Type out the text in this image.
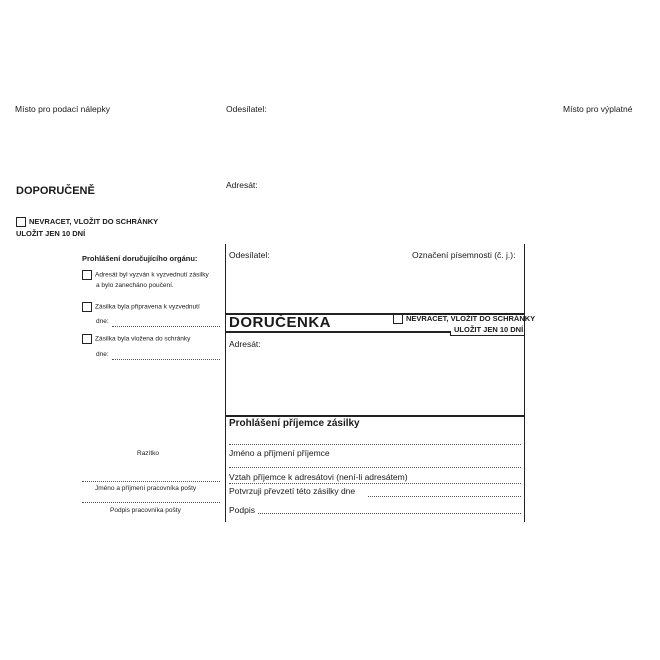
Místo pro podací nálepky	Odesílatel:	Místo pro výplatné
DOPORUČENĚ	Adresát:
NEVRACET, VLOŽIT DO SCHRÁNKY
ULOŽIT JEN 10 DNÍ
Prohlášení doručujícího orgánu:
Adresát byl vyzván k vyzvednutí zásilky
a bylo zanecháno poučení.
Zásilka byla připravena k vyzvednutí
dne:
Zásilka byla vložena do schránky
dne:
Razítko
Jméno a příjmení pracovníka pošty
Podpis pracovníka pošty
Odesílatel:	Označení písemnosti (č. j.):
DORUČENKA	NEVRACET, VLOŽIT DO SCHRÁNKY
ULOŽIT JEN 10 DNÍ
Adresát:
Prohlášení příjemce zásilky
Jméno a příjmení příjemce
Vztah příjemce k adresátovi (není-li adresátem)
Potvrzuji převzetí této zásilky dne
Podpis
